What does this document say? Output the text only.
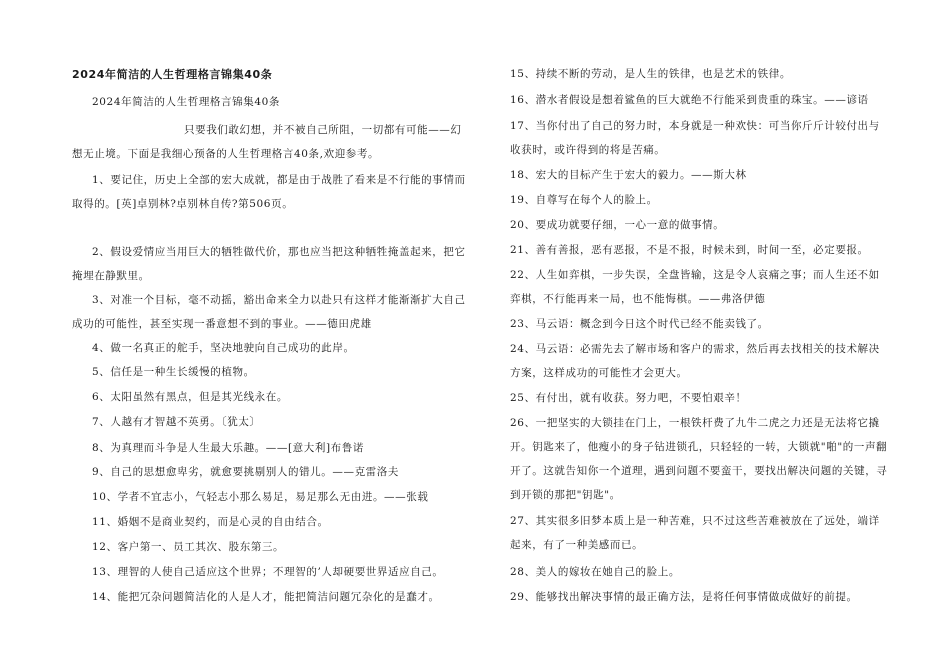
2024年简洁的人生哲理格言锦集40条
2024年简洁的人生哲理格言锦集40条
只要我们敢幻想，并不被自己所阻，一切都有可能——幻想无止境。下面是我细心预备的人生哲理格言40条,欢迎参考。

1、要记住，历史上全部的宏大成就，都是由于战胜了看来是不行能的事情而取得的。[英]卓别林?卓别林自传?第506页。

2、假设爱情应当用巨大的牺牲做代价，那也应当把这种牺牲掩盖起来，把它掩埋在静默里。

3、对准一个目标，毫不动摇，豁出命来全力以赴只有这样才能渐渐扩大自己成功的可能性，甚至实现一番意想不到的事业。——德田虎雄

4、做一名真正的舵手，坚决地驶向自己成功的此岸。

5、信任是一种生长缓慢的植物。

6、太阳虽然有黑点，但是其光线永在。

7、人越有才智越不英勇。〔犹太〕

8、为真理而斗争是人生最大乐趣。——[意大利]布鲁诺

9、自己的思想愈卑劣，就愈要挑剔别人的错儿。——克雷洛夫

10、学者不宜志小，气轻志小那么易足，易足那么无由进。——张载

11、婚姻不是商业契约，而是心灵的自由结合。

12、客户第一、员工其次、股东第三。

13、理智的人使自己适应这个世界；不理智的’人却硬要世界适应自己。

14、能把冗杂问题简洁化的人是人才，能把简洁问题冗杂化的是蠢才。

15、持续不断的劳动，是人生的铁律，也是艺术的铁律。

16、潜水者假设是想着鲨鱼的巨大就绝不行能采到贵重的珠宝。——谚语

17、当你付出了自己的努力时，本身就是一种欢快：可当你斤斤计较付出与收获时，或许得到的将是苦痛。

18、宏大的目标产生于宏大的毅力。——斯大林

19、自尊写在每个人的脸上。

20、要成功就要仔细，一心一意的做事情。

21、善有善报，恶有恶报，不是不报，时候未到，时间一至，必定要报。

22、人生如弈棋，一步失误，全盘皆输，这是令人哀痛之事；而人生还不如弈棋，不行能再来一局，也不能悔棋。——弗洛伊德

23、马云语：概念到今日这个时代已经不能卖钱了。

24、马云语：必需先去了解市场和客户的需求，然后再去找相关的技术解决方案，这样成功的可能性才会更大。

25、有付出，就有收获。努力吧，不要怕艰辛！

26、一把坚实的大锁挂在门上，一根铁杆费了九牛二虎之力还是无法将它撬开。钥匙来了，他瘦小的身子钻进锁孔，只轻轻的一转，大锁就"啪"的一声翻开了。这就告知你一个道理，遇到问题不要蛮干，要找出解决问题的关键，寻到开锁的那把"钥匙"。

27、其实很多旧梦本质上是一种苦难，只不过这些苦难被放在了远处，端详起来，有了一种美感而已。

28、美人的嫁妆在她自己的脸上。

29、能够找出解决事情的最正确方法，是将任何事情做成做好的前提。
